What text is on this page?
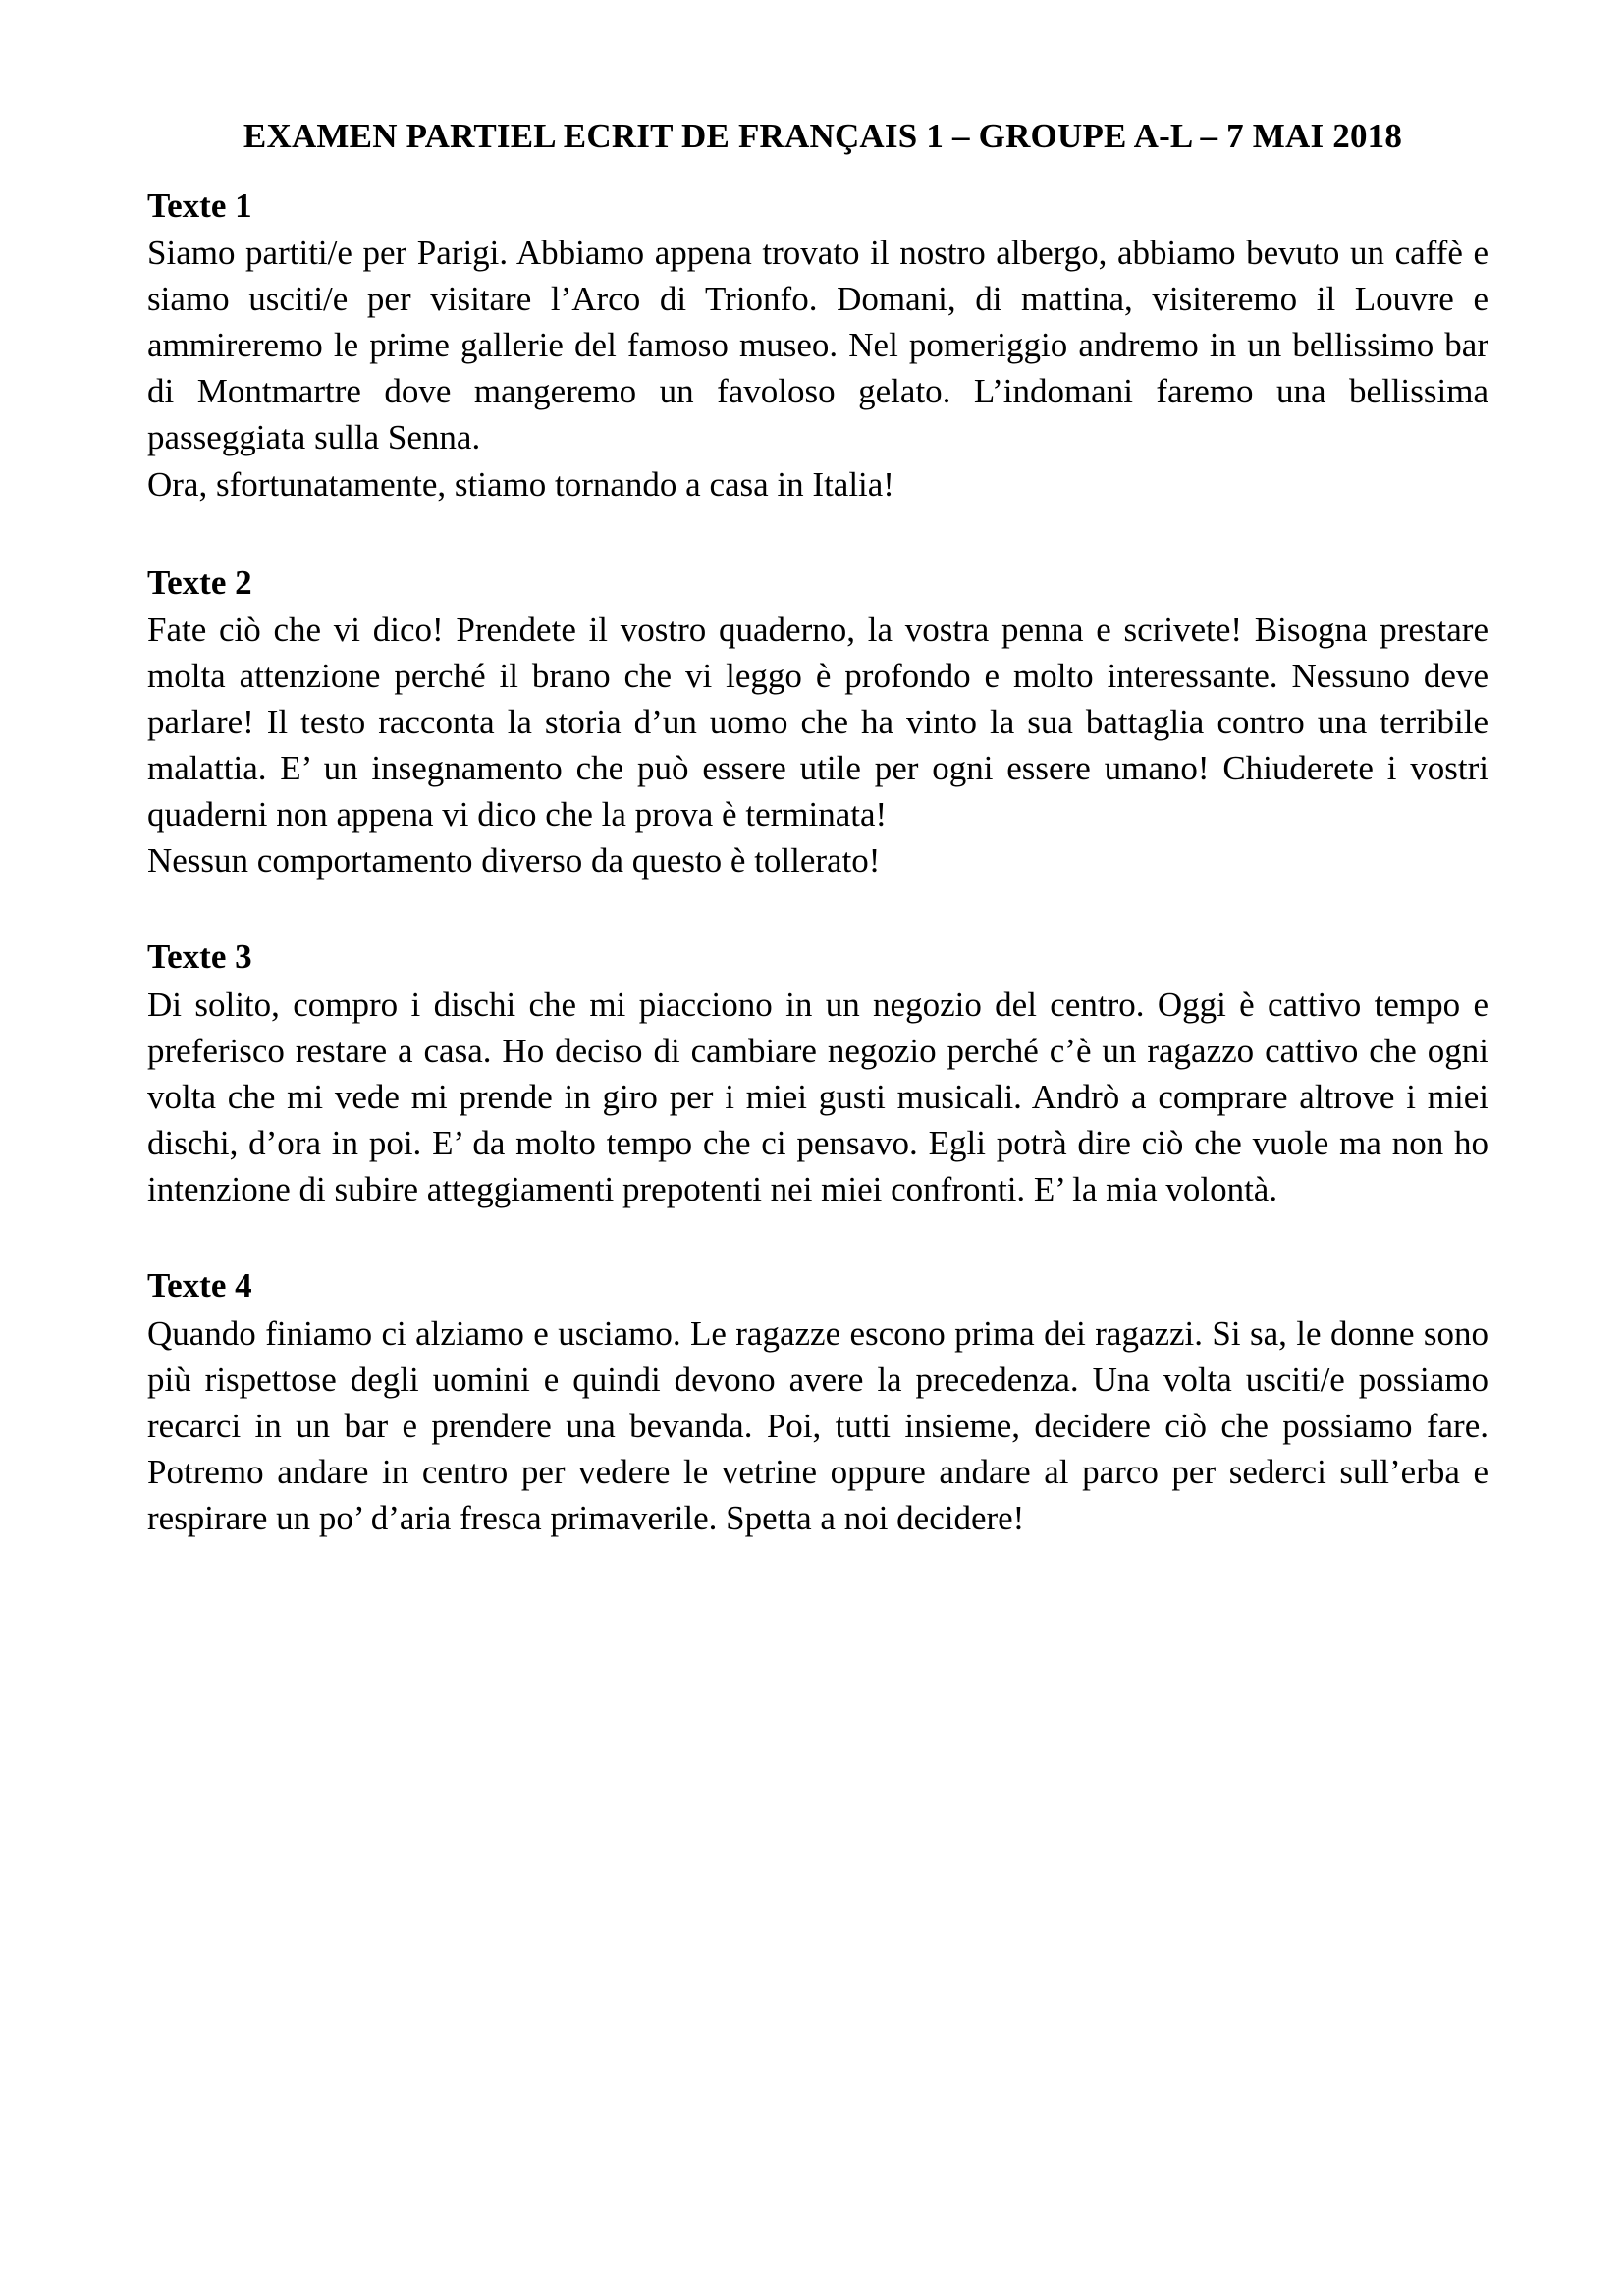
EXAMEN PARTIEL ECRIT DE FRANÇAIS 1 – GROUPE A-L – 7 MAI 2018
Texte 1

Siamo partiti/e per Parigi. Abbiamo appena trovato il nostro albergo, abbiamo bevuto un caffè e siamo usciti/e per visitare l’Arco di Trionfo. Domani, di mattina, visiteremo il Louvre e ammireremo le prime gallerie del famoso museo. Nel pomeriggio andremo in un bellissimo bar di Montmartre dove mangeremo un favoloso gelato. L’indomani faremo una bellissima passeggiata sulla Senna.

Ora, sfortunatamente, stiamo tornando a casa in Italia!

Texte 2

Fate ciò che vi dico! Prendete il vostro quaderno, la vostra penna e scrivete! Bisogna prestare molta attenzione perché il brano che vi leggo è profondo e molto interessante. Nessuno deve parlare! Il testo racconta la storia d’un uomo che ha vinto la sua battaglia contro una terribile malattia. E’ un insegnamento che può essere utile per ogni essere umano! Chiuderete i vostri quaderni non appena vi dico che la prova è terminata!

Nessun comportamento diverso da questo è tollerato!

Texte 3

Di solito, compro i dischi che mi piacciono in un negozio del centro. Oggi è cattivo tempo e preferisco restare a casa. Ho deciso di cambiare negozio perché c’è un ragazzo cattivo che ogni volta che mi vede mi prende in giro per i miei gusti musicali. Andrò a comprare altrove i miei dischi, d’ora in poi. E’ da molto tempo che ci pensavo. Egli potrà dire ciò che vuole ma non ho intenzione di subire atteggiamenti prepotenti nei miei confronti. E’ la mia volontà.

Texte 4

Quando finiamo ci alziamo e usciamo. Le ragazze escono prima dei ragazzi. Si sa, le donne sono più rispettose degli uomini e quindi devono avere la precedenza. Una volta usciti/e possiamo recarci in un bar e prendere una bevanda. Poi, tutti insieme, decidere ciò che possiamo fare. Potremo andare in centro per vedere le vetrine oppure andare al parco per sederci sull’erba e respirare un po’ d’aria fresca primaverile. Spetta a noi decidere!
